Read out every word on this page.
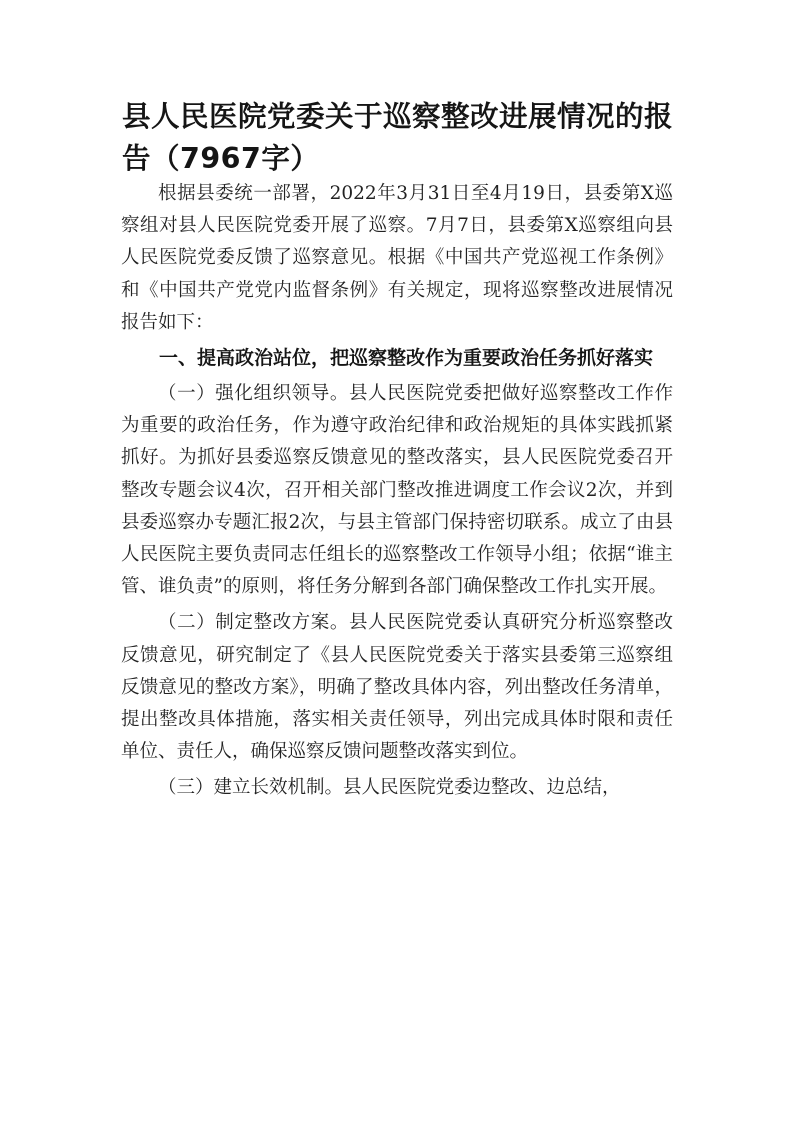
县人民医院党委关于巡察整改进展情况的报告（7967字）

根据县委统一部署，2022年3月31日至4月19日，县委第X巡察组对县人民医院党委开展了巡察。7月7日，县委第X巡察组向县人民医院党委反馈了巡察意见。根据《中国共产党巡视工作条例》和《中国共产党党内监督条例》有关规定，现将巡察整改进展情况报告如下：

一、提高政治站位，把巡察整改作为重要政治任务抓好落实

（一）强化组织领导。县人民医院党委把做好巡察整改工作作为重要的政治任务，作为遵守政治纪律和政治规矩的具体实践抓紧抓好。为抓好县委巡察反馈意见的整改落实，县人民医院党委召开整改专题会议4次，召开相关部门整改推进调度工作会议2次，并到县委巡察办专题汇报2次，与县主管部门保持密切联系。成立了由县人民医院主要负责同志任组长的巡察整改工作领导小组；依据“谁主管、谁负责”的原则，将任务分解到各部门确保整改工作扎实开展。

（二）制定整改方案。县人民医院党委认真研究分析巡察整改反馈意见，研究制定了《县人民医院党委关于落实县委第三巡察组反馈意见的整改方案》，明确了整改具体内容，列出整改任务清单，提出整改具体措施，落实相关责任领导，列出完成具体时限和责任单位、责任人，确保巡察反馈问题整改落实到位。

（三）建立长效机制。县人民医院党委边整改、边总结，
